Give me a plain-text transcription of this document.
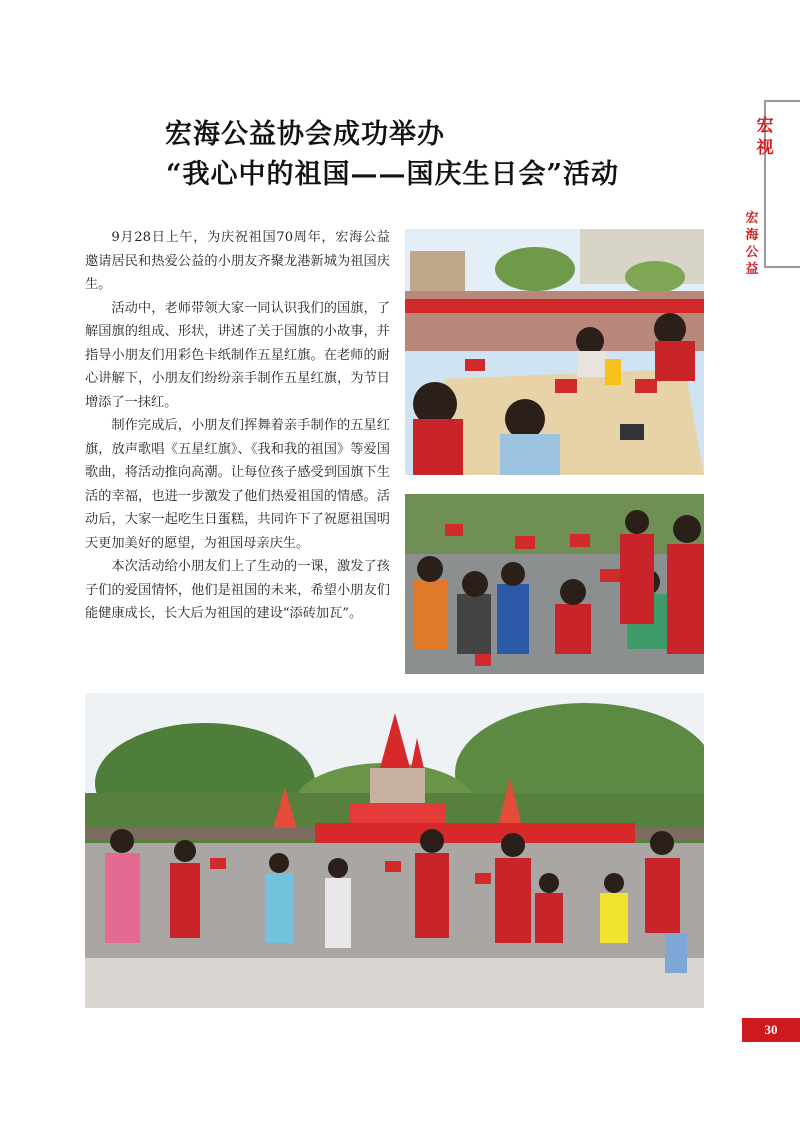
宏视
宏海公益
宏海公益协会成功举办
“我心中的祖国——国庆生日会”活动

9月28日上午，为庆祝祖国70周年，宏海公益邀请居民和热爱公益的小朋友齐聚龙港新城为祖国庆生。

活动中，老师带领大家一同认识我们的国旗，了解国旗的组成、形状，讲述了关于国旗的小故事，并指导小朋友们用彩色卡纸制作五星红旗。在老师的耐心讲解下，小朋友们纷纷亲手制作五星红旗，为节日增添了一抹红。

制作完成后，小朋友们挥舞着亲手制作的五星红旗，放声歌唱《五星红旗》、《我和我的祖国》等爱国歌曲，将活动推向高潮。让每位孩子感受到国旗下生活的幸福，也进一步激发了他们热爱祖国的情感。活动后，大家一起吃生日蛋糕，共同许下了祝愿祖国明天更加美好的愿望，为祖国母亲庆生。

本次活动给小朋友们上了生动的一课，激发了孩子们的爱国情怀，他们是祖国的未来，希望小朋友们能健康成长，长大后为祖国的建设“添砖加瓦”。

30
